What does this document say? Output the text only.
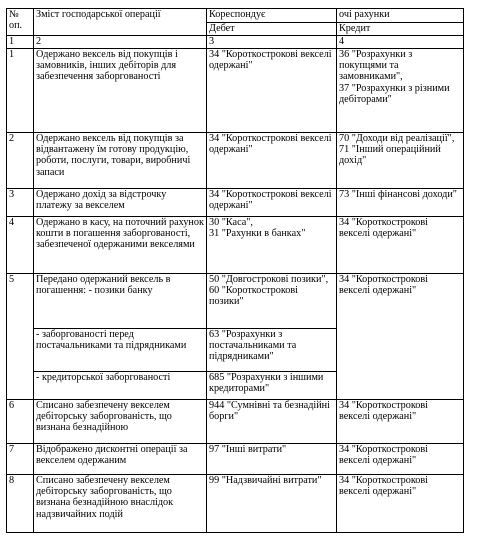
№ оп.	Зміст господарської операції	Кореспондує	очі рахунки
		Дебет	Кредит
1	2	3	4
1	Одержано вексель від покупців і замовників, інших дебіторів для забезпечення заборгованості	34 "Короткострокові векселі одержані"	36 "Розрахунки з покупцями та замовниками",
37 "Розрахунки з різними дебіторами"
2	Одержано вексель від покупців за відвантажену їм готову продукцію, роботи, послуги, товари, виробничі запаси	34 "Короткострокові векселі одержані"	70 "Доходи від реалізації",
71 "Інший операційний дохід"
3	Одержано дохід за відстрочку платежу за векселем	34 "Короткострокові векселі одержані"	73 "Інші фінансові доходи"
4	Одержано в касу, на поточний рахунок кошти в погашення заборгованості, забезпеченої одержаними векселями	30 "Каса",
31 "Рахунки в банках"	34 "Короткострокові векселі одержані"
5	Передано одержаний вексель в погашення: - позики банку	50 "Довгострокові позики",
60 "Короткострокові позики"	34 "Короткострокові векселі одержані"
	- заборгованості перед постачальниками та підрядниками	63 "Розрахунки з постачальниками та підрядниками"	
	- кредиторської заборгованості	685 "Розрахунки з іншими кредиторами"	
6	Списано забезпечену векселем дебіторську заборгованість, що визнана безнадійною	944 "Сумнівні та безнадійні борги"	34 "Короткострокові векселі одержані"
7	Відображено дисконтні операції за векселем одержаним	97 "Інші витрати"	34 "Короткострокові векселі одержані"
8	Списано забезпечену векселем дебіторську заборгованість, що визнана безнадійною внаслідок надзвичайних подій	99 "Надзвичайні витрати"	34 "Короткострокові векселі одержані"
